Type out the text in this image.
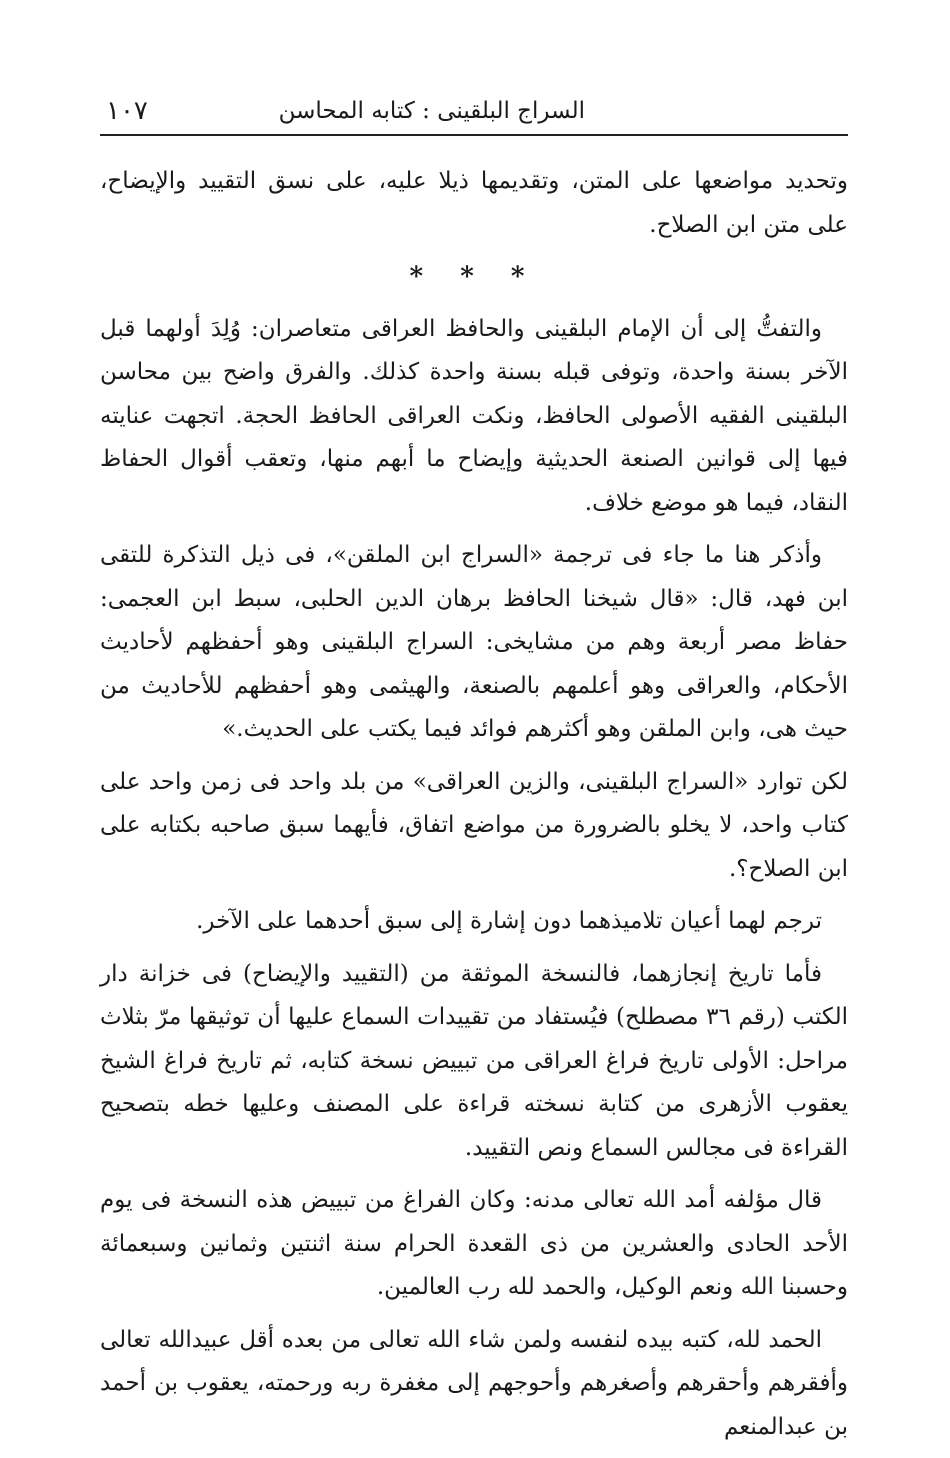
السراج البلقينى : كتابه المحاسن
١٠٧

وتحديد مواضعها على المتن، وتقديمها ذيلا عليه، على نسق التقييد والإيضاح، على متن ابن الصلاح.

* * *

والتفتُّ إلى أن الإمام البلقينى والحافظ العراقى متعاصران: وُلِدَ أولهما قبل الآخر بسنة واحدة، وتوفى قبله بسنة واحدة كذلك. والفرق واضح بين محاسن البلقينى الفقيه الأصولى الحافظ، ونكت العراقى الحافظ الحجة. اتجهت عنايته فيها إلى قوانين الصنعة الحديثية وإيضاح ما أبهم منها، وتعقب أقوال الحفاظ النقاد، فيما هو موضع خلاف.

وأذكر هنا ما جاء فى ترجمة «السراج ابن الملقن»، فى ذيل التذكرة للتقى ابن فهد، قال: «قال شيخنا الحافظ برهان الدين الحلبى، سبط ابن العجمى: حفاظ مصر أربعة وهم من مشايخى: السراج البلقينى وهو أحفظهم لأحاديث الأحكام، والعراقى وهو أعلمهم بالصنعة، والهيثمى وهو أحفظهم للأحاديث من حيث هى، وابن الملقن وهو أكثرهم فوائد فيما يكتب على الحديث.»

لكن توارد «السراج البلقينى، والزين العراقى» من بلد واحد فى زمن واحد على كتاب واحد، لا يخلو بالضرورة من مواضع اتفاق، فأيهما سبق صاحبه بكتابه على ابن الصلاح؟.

ترجم لهما أعيان تلاميذهما دون إشارة إلى سبق أحدهما على الآخر.

فأما تاريخ إنجازهما، فالنسخة الموثقة من (التقييد والإيضاح) فى خزانة دار الكتب (رقم ٣٦ مصطلح) فيُستفاد من تقييدات السماع عليها أن توثيقها مرّ بثلاث مراحل: الأولى تاريخ فراغ العراقى من تبييض نسخة كتابه، ثم تاريخ فراغ الشيخ يعقوب الأزهرى من كتابة نسخته قراءة على المصنف وعليها خطه بتصحيح القراءة فى مجالس السماع ونص التقييد.

قال مؤلفه أمد الله تعالى مدنه: وكان الفراغ من تبييض هذه النسخة فى يوم الأحد الحادى والعشرين من ذى القعدة الحرام سنة اثنتين وثمانين وسبعمائة وحسبنا الله ونعم الوكيل، والحمد لله رب العالمين.

الحمد لله، كتبه بيده لنفسه ولمن شاء الله تعالى من بعده أقل عبيدالله تعالى وأفقرهم وأحقرهم وأصغرهم وأحوجهم إلى مغفرة ربه ورحمته، يعقوب بن أحمد بن عبدالمنعم
